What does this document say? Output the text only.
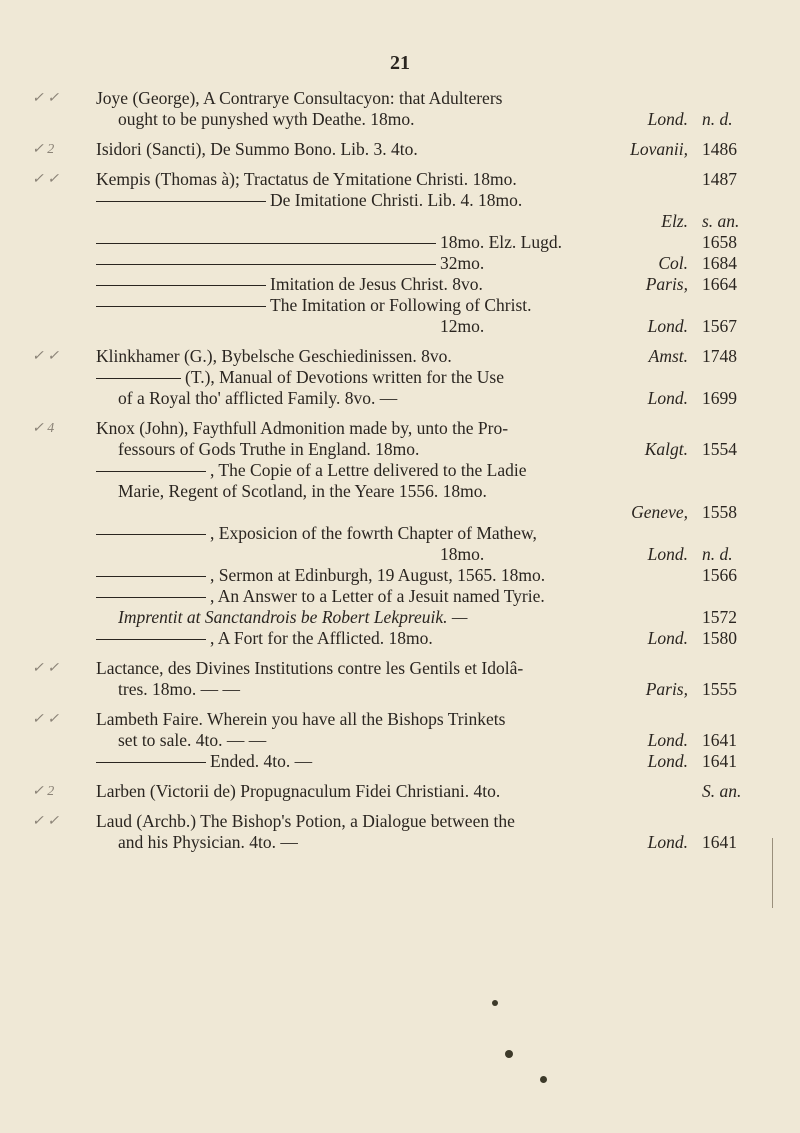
21
✓ ✓	Joye (George), A Contrarye Consultacyon: that Adulterers
ought to be punyshed wyth Deathe. 18mo.	Lond. n. d.
✓ 2	Isidori (Sancti), De Summo Bono. Lib. 3. 4to.	Lovanii, 1486
✓ ✓	Kempis (Thomas à); Tractatus de Ymitatione Christi. 18mo.	1487
De Imitatione Christi. Lib. 4. 18mo.
Elz. s. an.
18mo. Elz. Lugd.	1658
32mo.	Col. 1684
Imitation de Jesus Christ. 8vo.	Paris, 1664
The Imitation or Following of Christ.
12mo.	Lond. 1567
✓ ✓	Klinkhamer (G.), Bybelsche Geschiedinissen. 8vo.	Amst. 1748
(T.), Manual of Devotions written for the Use
of a Royal tho' afflicted Family. 8vo. —	Lond. 1699
✓ 4	Knox (John), Faythfull Admonition made by, unto the Pro-
fessours of Gods Truthe in England. 18mo.	Kalgt. 1554
, The Copie of a Lettre delivered to the Ladie
Marie, Regent of Scotland, in the Yeare 1556. 18mo.
Geneve, 1558
, Exposicion of the fowrth Chapter of Mathew,
18mo.	Lond. n. d.
, Sermon at Edinburgh, 19 August, 1565. 18mo.	1566
, An Answer to a Letter of a Jesuit named Tyrie.
Imprentit at Sanctandrois be Robert Lekpreuik. —	1572
, A Fort for the Afflicted. 18mo.	Lond. 1580
✓ ✓	Lactance, des Divines Institutions contre les Gentils et Idolâ-
tres. 18mo. — —	Paris, 1555
✓ ✓	Lambeth Faire. Wherein you have all the Bishops Trinkets
set to sale. 4to. — —	Lond. 1641
Ended. 4to. —	Lond. 1641
✓ 2	Larben (Victorii de) Propugnaculum Fidei Christiani. 4to.	S. an.
✓ ✓	Laud (Archb.) The Bishop's Potion, a Dialogue between the
and his Physician. 4to. —	Lond. 1641
